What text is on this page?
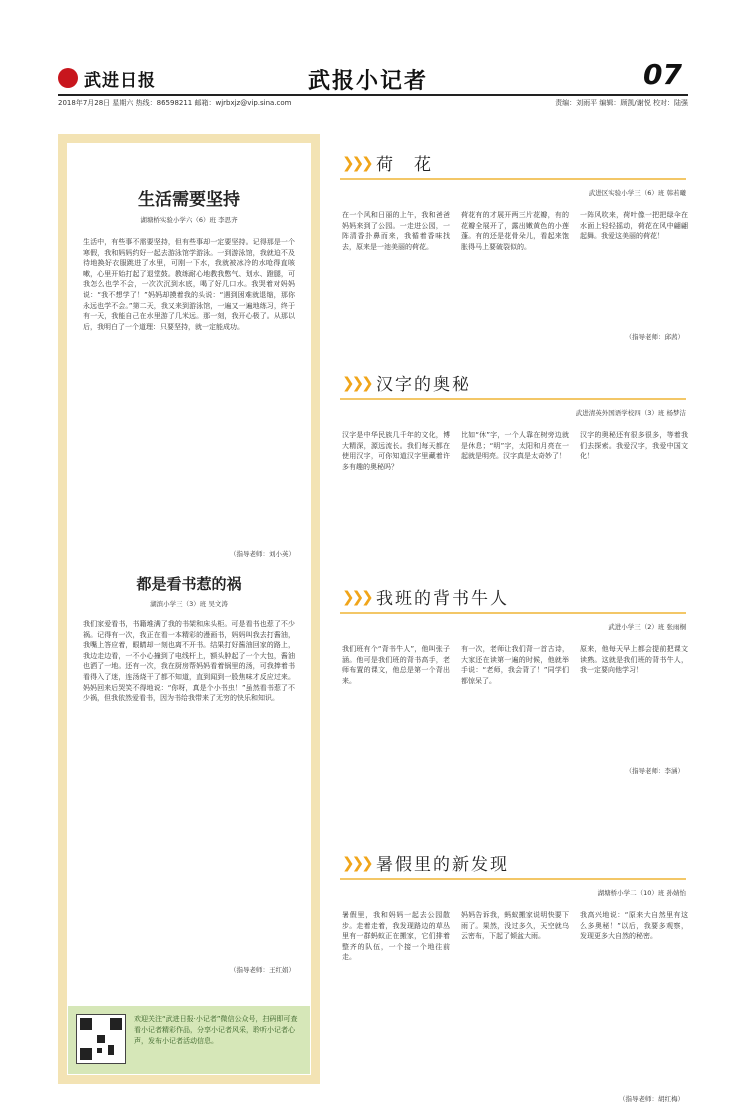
武进日报	武报小记者	07
2018年7月28日 星期六 热线：86598211 邮箱：wjrbxjz@vip.sina.com	责编：刘雨平 编辑：顾凯/谢悦 校对：陆强
生活需要坚持
湖塘桥实验小学六（6）班 李思齐
生活中，有些事不需要坚持，但有些事却一定要坚持。记得那是一个寒假，我和妈妈约好一起去游泳馆学游泳。一到游泳馆，我就迫不及待地换好衣服跳进了水里，可刚一下水，我就被冰冷的水呛得直咳嗽，心里开始打起了退堂鼓。教练耐心地教我憋气、划水、蹬腿，可我怎么也学不会，一次次沉到水底，喝了好几口水。我哭着对妈妈说：“我不想学了！”妈妈却摸着我的头说：“遇到困难就退缩，那你永远也学不会。”第二天，我又来到游泳馆，一遍又一遍地练习，终于有一天，我能自己在水里游了几米远。那一刻，我开心极了。从那以后，我明白了一个道理：只要坚持，就一定能成功。
（指导老师：刘小英）
都是看书惹的祸
湖滨小学三（3）班 吴文涛
我们家爱看书，书籍堆满了我的书架和床头柜。可是看书也惹了不少祸。记得有一次，我正在看一本精彩的漫画书，妈妈叫我去打酱油，我嘴上答应着，眼睛却一刻也离不开书。结果打好酱油回家的路上，我边走边看，一不小心撞到了电线杆上，额头肿起了一个大包，酱油也洒了一地。还有一次，我在厨房帮妈妈看着锅里的汤，可我捧着书看得入了迷，连汤烧干了都不知道，直到闻到一股焦味才反应过来。妈妈回来后哭笑不得地说：“你呀，真是个小书虫！”虽然看书惹了不少祸，但我依然爱看书，因为书给我带来了无穷的快乐和知识。
（指导老师：王红娟）
欢迎关注“武进日报·小记者”微信公众号，扫码即可查看小记者精彩作品，分享小记者风采，聆听小记者心声，发布小记者活动信息。
❯❯❯ 荷　花
武进区实验小学三（6）班 韩若曦
在一个风和日丽的上午，我和爸爸妈妈来到了公园。一走进公园，一阵清香扑鼻而来，我循着香味找去，原来是一池美丽的荷花。
荷花有的才展开两三片花瓣，有的花瓣全展开了，露出嫩黄色的小莲蓬。有的还是花骨朵儿，看起来饱胀得马上要破裂似的。
一阵风吹来，荷叶像一把把绿伞在水面上轻轻摇动，荷花在风中翩翩起舞。我爱这美丽的荷花！
（指导老师：邱茜）
❯❯❯ 汉字的奥秘
武进清英外国语学校四（3）班 杨梦洁
汉字是中华民族几千年的文化，博大精深，源远流长。我们每天都在使用汉字，可你知道汉字里藏着许多有趣的奥秘吗？
比如“休”字，一个人靠在树旁边就是休息；“明”字，太阳和月亮在一起就是明亮。汉字真是太奇妙了！
汉字的奥秘还有很多很多，等着我们去探索。我爱汉字，我爱中国文化！
❯❯❯ 我班的背书牛人
武进小学三（2）班 张雨桐
我们班有个“背书牛人”，他叫张子涵。他可是我们班的背书高手，老师布置的课文，他总是第一个背出来。
有一次，老师让我们背一首古诗，大家还在读第一遍的时候，他就举手说：“老师，我会背了！”同学们都惊呆了。
原来，他每天早上都会提前把课文读熟。这就是我们班的背书牛人，我一定要向他学习！
（指导老师：李涵）
❯❯❯ 暑假里的新发现
湖塘桥小学二（10）班 孙婧怡
暑假里，我和妈妈一起去公园散步。走着走着，我发现路边的草丛里有一群蚂蚁正在搬家，它们排着整齐的队伍，一个接一个地往前走。
妈妈告诉我，蚂蚁搬家说明快要下雨了。果然，没过多久，天空就乌云密布，下起了倾盆大雨。
我高兴地说：“原来大自然里有这么多奥秘！”以后，我要多观察，发现更多大自然的秘密。
（指导老师：胡红梅）
